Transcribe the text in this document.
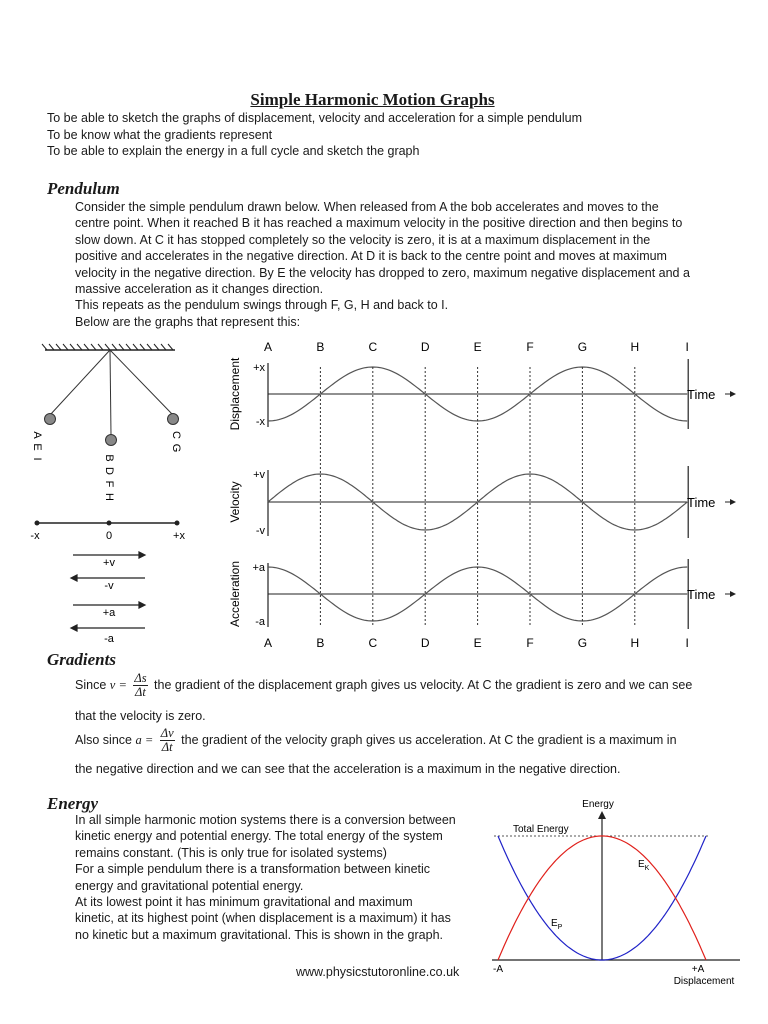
Simple Harmonic Motion Graphs
To be able to sketch the graphs of displacement, velocity and acceleration for a simple pendulum
To be know what the gradients represent
To be able to explain the energy in a full cycle and sketch the graph
Pendulum
Consider the simple pendulum drawn below. When released from A the bob accelerates and moves to the
centre point. When it reached B it has reached a maximum velocity in the positive direction and then begins to
slow down. At C it has stopped completely so the velocity is zero, it is at a maximum displacement in the
positive and accelerates in the negative direction. At D it is back to the centre point and moves at maximum
velocity in the negative direction. By E the velocity has dropped to zero, maximum negative displacement and a
massive acceleration as it changes direction.
This repeats as the pendulum swings through F, G, H and back to I.
Below are the graphs that represent this:
A
E
I	B
D
F
H
C
G
-x	0	+x
+v
-v
+a
-a
A	B	C	D	E	F	G	H	I
A	B	C	D	E	F	G	H	I
Displacement +x
-x
Time
Velocity
+v
-v
Time
Acceleration +a
-a
Time
Gradients
Since $v = \frac{\Delta s}{\Delta t}$ the gradient of the displacement graph gives us velocity. At C the gradient is zero and we can see
that the velocity is zero.
Also since $a = \frac{\Delta v}{\Delta t}$ the gradient of the velocity graph gives us acceleration. At C the gradient is a maximum in
the negative direction and we can see that the acceleration is a maximum in the negative direction.
Energy
In all simple harmonic motion systems there is a conversion between
kinetic energy and potential energy. The total energy of the system
remains constant. (This is only true for isolated systems)
For a simple pendulum there is a transformation between kinetic
energy and gravitational potential energy.
At its lowest point it has minimum gravitational and maximum
kinetic, at its highest point (when displacement is a maximum) it has
no kinetic but a maximum gravitational. This is shown in the graph.
Energy
Displacement
Total Energy
$E_K$
$E_P$
-A	+A
www.physicstutoronline.co.uk
